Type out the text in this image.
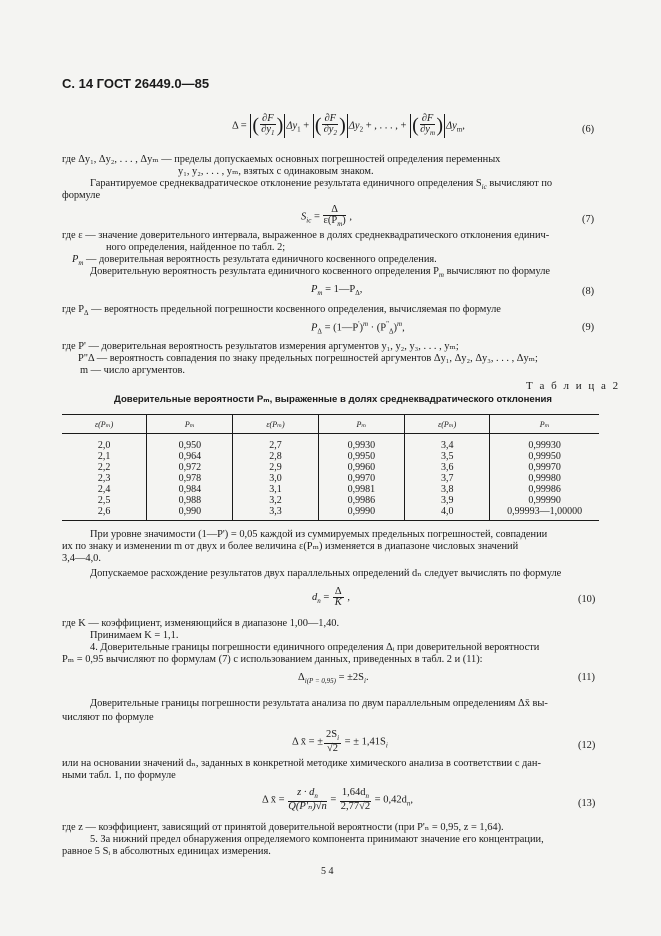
С. 14 ГОСТ 26449.0—85
Δ = ( $\frac{\partial F}{\partial y_1}$ ) $\Delta y_1$ + ( $\frac{\partial F}{\partial y_2}$ ) $\Delta y_2$ + , . . . , + ( $\frac{\partial F}{\partial y_m}$ ) $\Delta y_m$,	(6)
где Δy₁, Δy₂, . . . , Δyₘ — пределы допускаемых основных погрешностей определения переменных
y₁, y₂, . . . , yₘ, взятых с одинаковым знаком.
Гарантируемое среднеквадратическое отклонение результата единичного определения $S_{ic}$ вычисляют по
формуле
$S_{ic} = \frac{\Delta}{\varepsilon(P_m)}$ ,	(7)
где ε — значение доверительного интервала, выраженное в долях среднеквадратического отклонения единич-
ного определения, найденное по табл. 2;
$P_m$ — доверительная вероятность результата единичного косвенного определения.
Доверительную вероятность результата единичного косвенного определения $P_m$ вычисляют по формуле
$P_m$ = $1—P_\Delta$,	(8)
где $P_\Delta$ — вероятность предельной погрешности косвенного определения, вычисляемая по формуле
$P_\Delta$ = (1—P')$^m$ · $(P^"_\Delta)^m$,	(9)
где P' — доверительная вероятность результатов измерения аргументов y₁, y₂, y₃, . . . , yₘ;
P"Δ — вероятность совпадения по знаку предельных погрешностей аргументов Δy₁, Δy₂, Δy₃, . . . , Δyₘ;
m — число аргументов.
Т а б л и ц а 2
Доверительные вероятности Pₘ, выраженные в долях среднеквадратического отклонения
ε(Pₘ)	Pₘ	ε(Pₘ)	Pₘ	ε(Pₘ)	Pₘ
2,0	0,950	2,7	0,9930	3,4	0,99930
2,1	0,964	2,8	0,9950	3,5	0,99950
2,2	0,972	2,9	0,9960	3,6	0,99970
2,3	0,978	3,0	0,9970	3,7	0,99980
2,4	0,984	3,1	0,9981	3,8	0,99986
2,5	0,988	3,2	0,9986	3,9	0,99990
2,6	0,990	3,3	0,9990	4,0	0,99993—1,00000
При уровне значимости (1—P') = 0,05 каждой из суммируемых предельных погрешностей, совпадении
их по знаку и изменении m от двух и более величина ε(Pₘ) изменяется в диапазоне числовых значений
3,4—4,0.
Допускаемое расхождение результатов двух параллельных определений dₙ следует вычислять по формуле
$d_n = \frac{\Delta}{K}$ ,	(10)
где K — коэффициент, изменяющийся в диапазоне 1,00—1,40.
Принимаем K = 1,1.
4. Доверительные границы погрешности единичного определения Δᵢ при доверительной вероятности
Pₘ = 0,95 вычисляют по формулам (7) с использованием данных, приведенных в табл. 2 и (11):
$\Delta_{i(P = 0,95)} = \pm 2S_i$.	(11)
Доверительные границы погрешности результата анализа по двум параллельным определениям Δx̄ вы-
числяют по формуле
Δ x̄ = ± $\frac{2S_i}{√2}$ = ± $1,41S_i$	(12)
или на основании значений dₙ, заданных в конкретной методике химического анализа в соответствии с дан-
ными табл. 1, по формуле
Δ x̄ = $\frac{z \cdot d_n}{\text{Q(P'ₙ)√n}} = \frac{1,64d_n}{2,77√2} = 0,42d_n$,	(13)
где z — коэффициент, зависящий от принятой доверительной вероятности (при P'ₙ = 0,95, z = 1,64).
5. За нижний предел обнаружения определяемого компонента принимают значение его концентрации,
равное 5 Sᵢ в абсолютных единицах измерения.
5 4
